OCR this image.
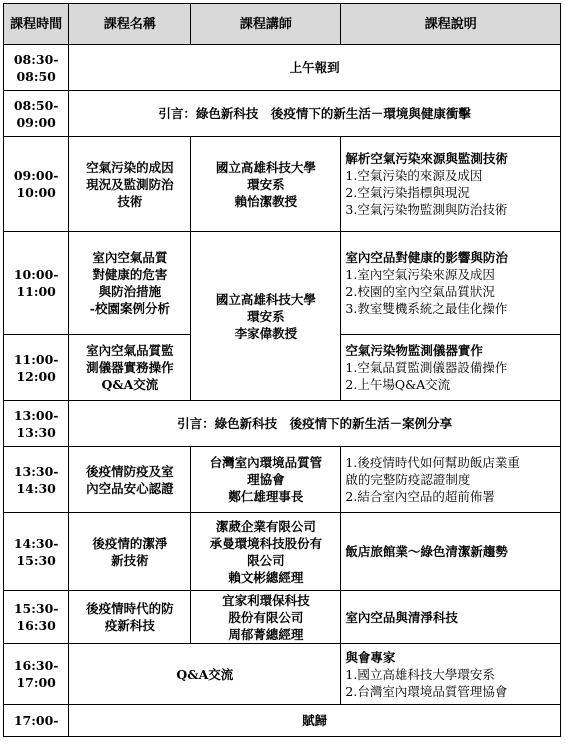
課程時間	課程名稱	課程講師	課程說明

08:30-
08:50	上午報到		

08:50-
09:00	引言：綠色新科技　後疫情下的新生活－環境與健康衝擊		

09:00-
10:00	空氣污染的成因
現況及監測防治
技術	國立高雄科技大學
環安系
賴怡潔教授	解析空氣污染來源與監測技術
1.空氣污染的來源及成因
2.空氣污染指標與現況
3.空氣污染物監測與防治技術

10:00-
11:00	室內空氣品質
對健康的危害
與防治措施
-校園案例分析	國立高雄科技大學
環安系
李家偉教授	室內空品對健康的影響與防治
1.室內空氣污染來源及成因
2.校園的室內空氣品質狀況
3.教室雙機系統之最佳化操作

11:00-
12:00	室內空氣品質監
測儀器實務操作
Q&A交流		空氣污染物監測儀器實作
1.空氣品質監測儀器設備操作
2.上午場Q&A交流

13:00-
13:30	引言：綠色新科技　後疫情下的新生活－案例分享		

13:30-
14:30	後疫情防疫及室
內空品安心認證	台灣室內環境品質管
理協會
鄭仁雄理事長	1.後疫情時代如何幫助飯店業重
啟的完整防疫認證制度
2.結合室內空品的超前佈署

14:30-
15:30	後疫情的潔淨
新技術	潔葳企業有限公司
承曼環境科技股份有
限公司
賴文彬總經理	飯店旅館業～綠色清潔新趨勢

15:30-
16:30	後疫情時代的防
疫新科技	宜家利環保科技
股份有限公司
周郁菁總經理	室內空品與清淨科技

16:30-
17:00	Q&A交流		與會專家
1.國立高雄科技大學環安系
2.台灣室內環境品質管理協會

17:00-	賦歸		
